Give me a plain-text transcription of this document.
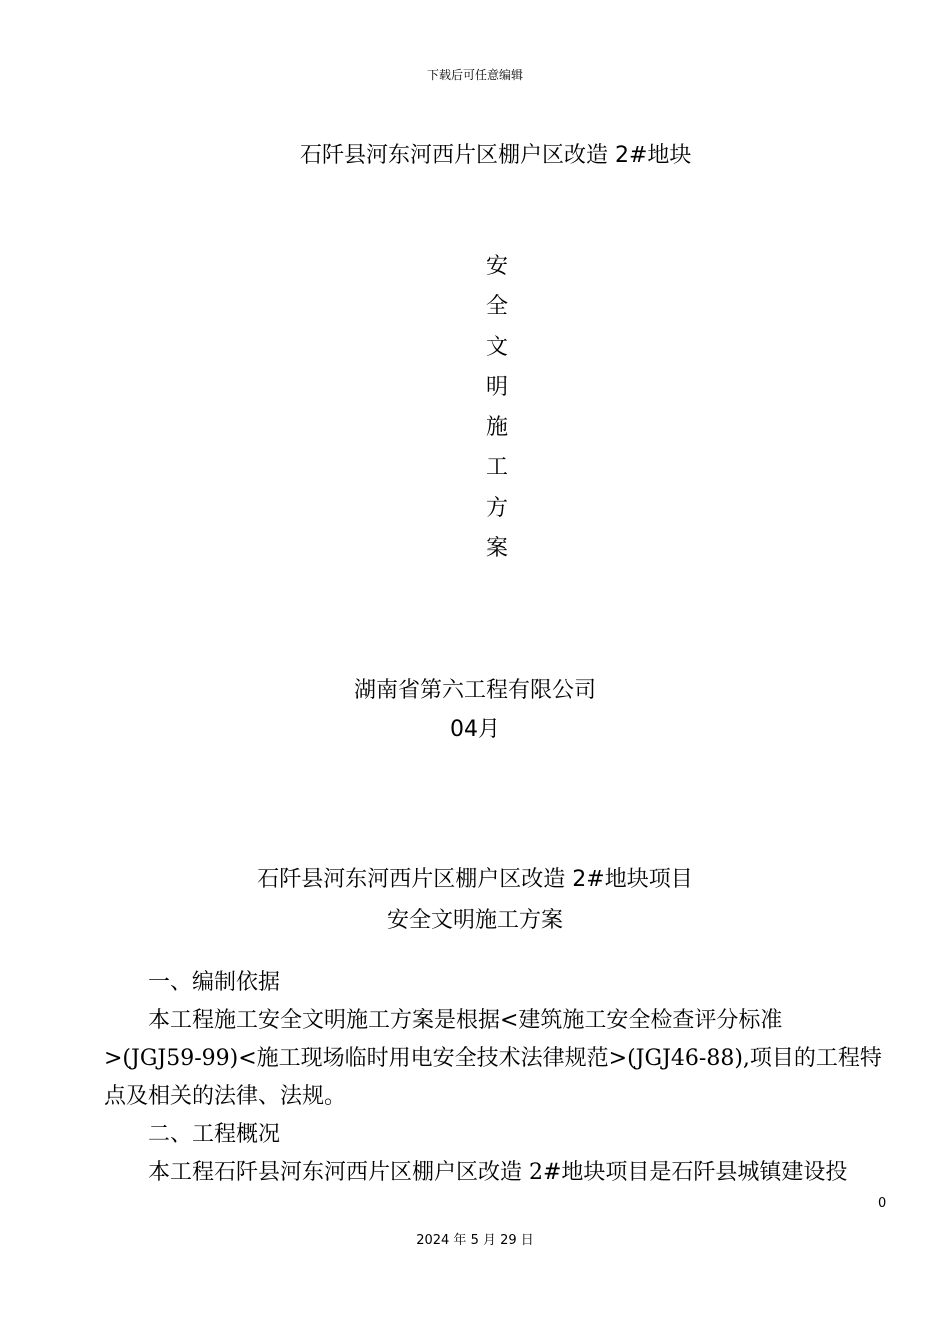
下载后可任意编辑
石阡县河东河西片区棚户区改造 2#地块
安
全
文
明
施
工
方
案
湖南省第六工程有限公司
04月
石阡县河东河西片区棚户区改造 2#地块项目
安全文明施工方案
一、编制依据
本工程施工安全文明施工方案是根据<建筑施工安全检查评分标准
>(JGJ59-99)<施工现场临时用电安全技术法律规范>(JGJ46-88),项目的工程特
点及相关的法律、法规。
二、工程概况
本工程石阡县河东河西片区棚户区改造 2#地块项目是石阡县城镇建设投
0
2024 年 5 月 29 日
